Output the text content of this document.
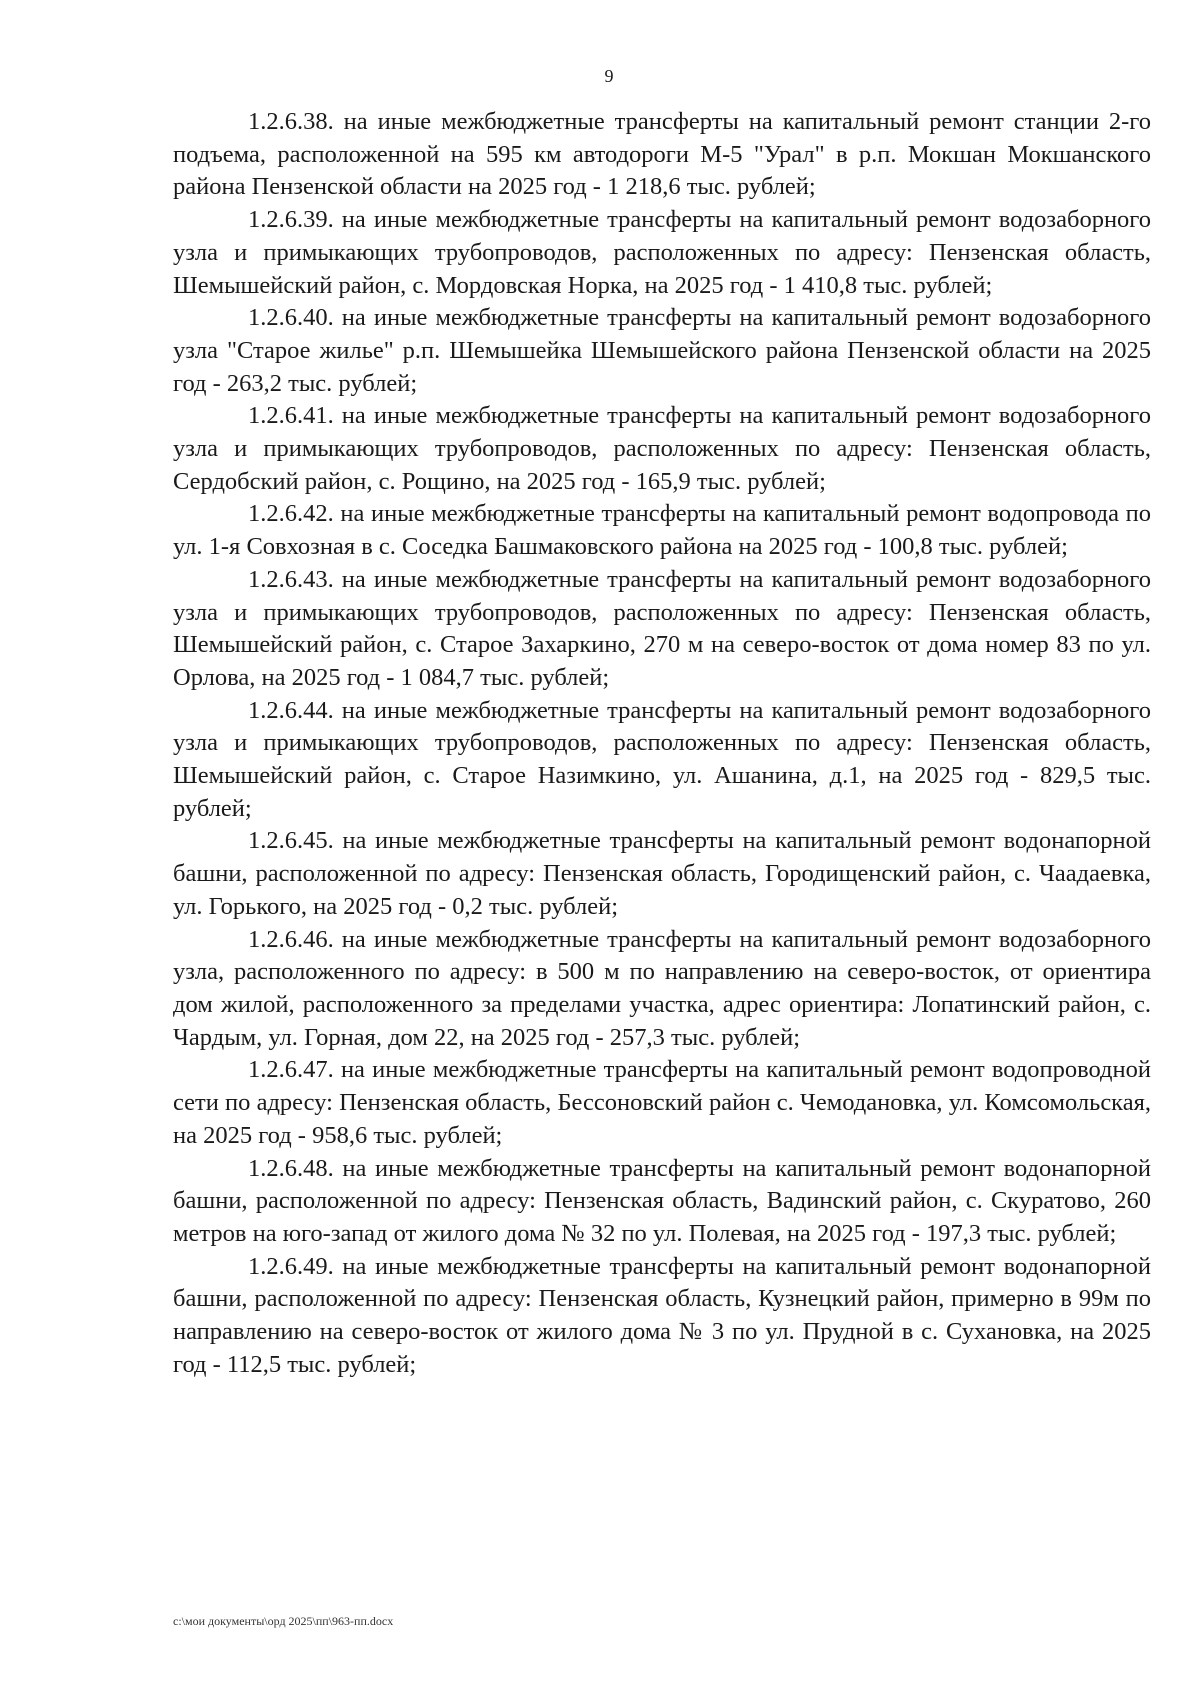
9

1.2.6.38. на иные межбюджетные трансферты на капитальный ремонт станции 2-го подъема, расположенной на 595 км автодороги М-5 "Урал" в р.п. Мокшан Мокшанского района Пензенской области на 2025 год - 1 218,6 тыс. рублей;

1.2.6.39. на иные межбюджетные трансферты на капитальный ремонт водозаборного узла и примыкающих трубопроводов, расположенных по адресу: Пензенская область, Шемышейский район, с. Мордовская Норка, на 2025 год - 1 410,8 тыс. рублей;

1.2.6.40. на иные межбюджетные трансферты на капитальный ремонт водозаборного узла "Старое жилье" р.п. Шемышейка Шемышейского района Пензенской области на 2025 год - 263,2 тыс. рублей;

1.2.6.41. на иные межбюджетные трансферты на капитальный ремонт водозаборного узла и примыкающих трубопроводов, расположенных по адресу: Пензенская область, Сердобский район, с. Рощино, на 2025 год - 165,9 тыс. рублей;

1.2.6.42. на иные межбюджетные трансферты на капитальный ремонт водопровода по ул. 1-я Совхозная в с. Соседка Башмаковского района на 2025 год - 100,8 тыс. рублей;

1.2.6.43. на иные межбюджетные трансферты на капитальный ремонт водозаборного узла и примыкающих трубопроводов, расположенных по адресу: Пензенская область, Шемышейский район, с. Старое Захаркино, 270 м на северо-восток от дома номер 83 по ул. Орлова, на 2025 год - 1 084,7 тыс. рублей;

1.2.6.44. на иные межбюджетные трансферты на капитальный ремонт водозаборного узла и примыкающих трубопроводов, расположенных по адресу: Пензенская область, Шемышейский район, с. Старое Назимкино, ул. Ашанина, д.1, на 2025 год - 829,5 тыс. рублей;

1.2.6.45. на иные межбюджетные трансферты на капитальный ремонт водонапорной башни, расположенной по адресу: Пензенская область, Городищенский район, с. Чаадаевка, ул. Горького, на 2025 год - 0,2 тыс. рублей;

1.2.6.46. на иные межбюджетные трансферты на капитальный ремонт водозаборного узла, расположенного по адресу: в 500 м по направлению на северо-восток, от ориентира дом жилой, расположенного за пределами участка, адрес ориентира: Лопатинский район, с. Чардым, ул. Горная, дом 22, на 2025 год - 257,3 тыс. рублей;

1.2.6.47. на иные межбюджетные трансферты на капитальный ремонт водопроводной сети по адресу: Пензенская область, Бессоновский район с. Чемодановка, ул. Комсомольская, на 2025 год - 958,6 тыс. рублей;

1.2.6.48. на иные межбюджетные трансферты на капитальный ремонт водонапорной башни, расположенной по адресу: Пензенская область, Вадинский район, с. Скуратово, 260 метров на юго-запад от жилого дома № 32 по ул. Полевая, на 2025 год - 197,3 тыс. рублей;

1.2.6.49. на иные межбюджетные трансферты на капитальный ремонт водонапорной башни, расположенной по адресу: Пензенская область, Кузнецкий район, примерно в 99м по направлению на северо-восток от жилого дома № 3 по ул. Прудной в с. Сухановка, на 2025 год - 112,5 тыс. рублей;

c:\мои документы\орд 2025\пп\963-пп.docx
